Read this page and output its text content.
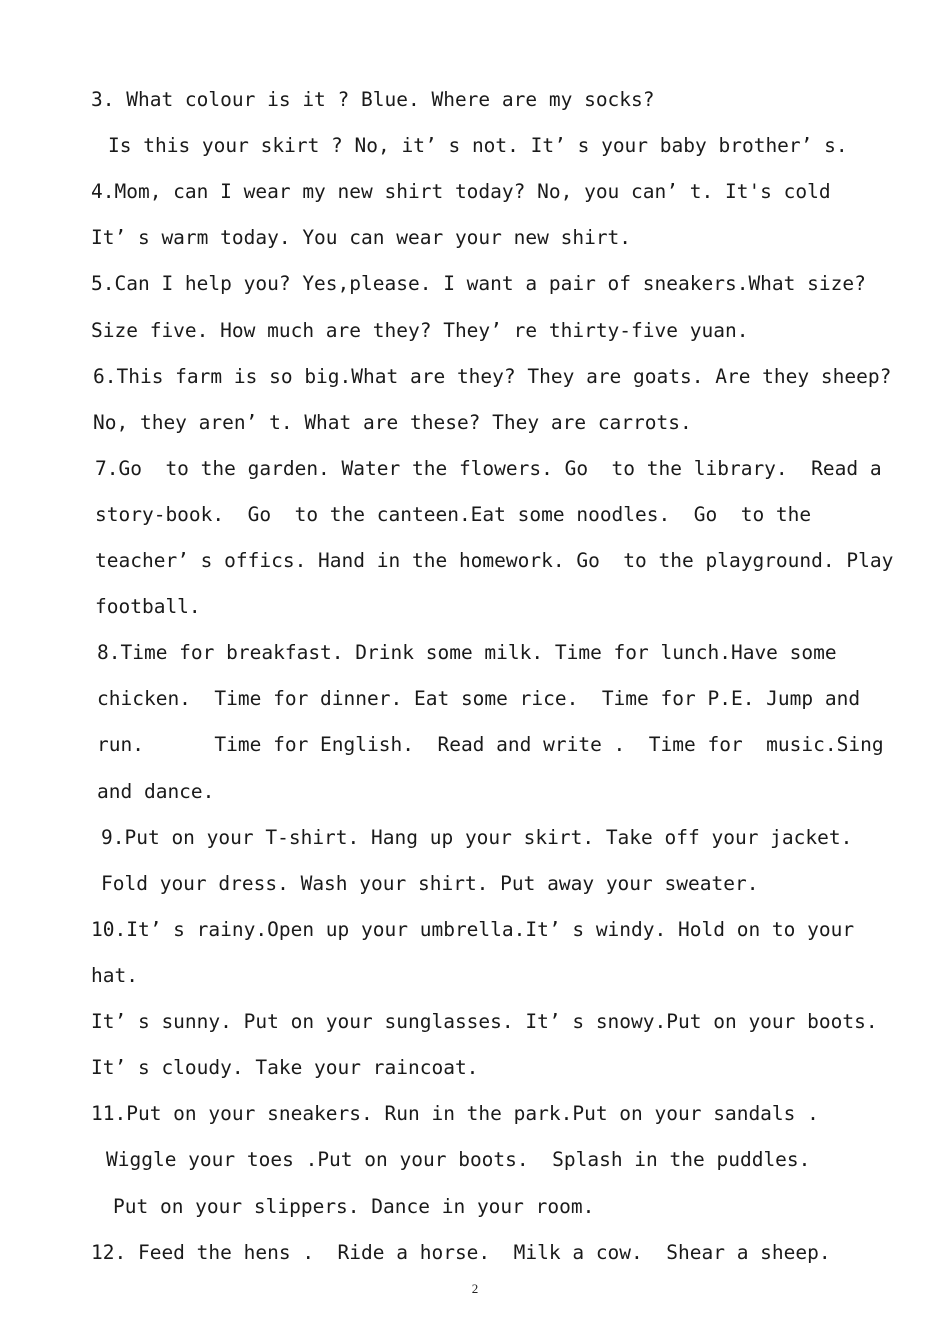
3. What colour is it ? Blue. Where are my socks?
Is this your skirt ? No, it’ s not. It’ s your baby brother’ s.
4.Mom, can I wear my new shirt today? No, you can’ t. It's cold
It’ s warm today. You can wear your new shirt.
5.Can I help you? Yes,please. I want a pair of sneakers.What size?
Size five. How much are they? They’ re thirty-five yuan.
6.This farm is so big.What are they? They are goats. Are they sheep?
No, they aren’ t. What are these? They are carrots.
7.Go  to the garden. Water the flowers. Go  to the library.  Read a
story-book.  Go  to the canteen.Eat some noodles.  Go  to the
teacher’ s offics. Hand in the homework. Go  to the playground. Play
football.
8.Time for breakfast. Drink some milk. Time for lunch.Have some
chicken.  Time for dinner. Eat some rice.  Time for P.E. Jump and
run.      Time for English.  Read and write .  Time for  music.Sing
and dance.
9.Put on your T-shirt. Hang up your skirt. Take off your jacket.
Fold your dress. Wash your shirt. Put away your sweater.
10.It’ s rainy.Open up your umbrella.It’ s windy. Hold on to your
hat.
It’ s sunny. Put on your sunglasses. It’ s snowy.Put on your boots.
It’ s cloudy. Take your raincoat.
11.Put on your sneakers. Run in the park.Put on your sandals .
Wiggle your toes .Put on your boots.  Splash in the puddles.
Put on your slippers. Dance in your room.
12. Feed the hens .  Ride a horse.  Milk a cow.  Shear a sheep.
2
